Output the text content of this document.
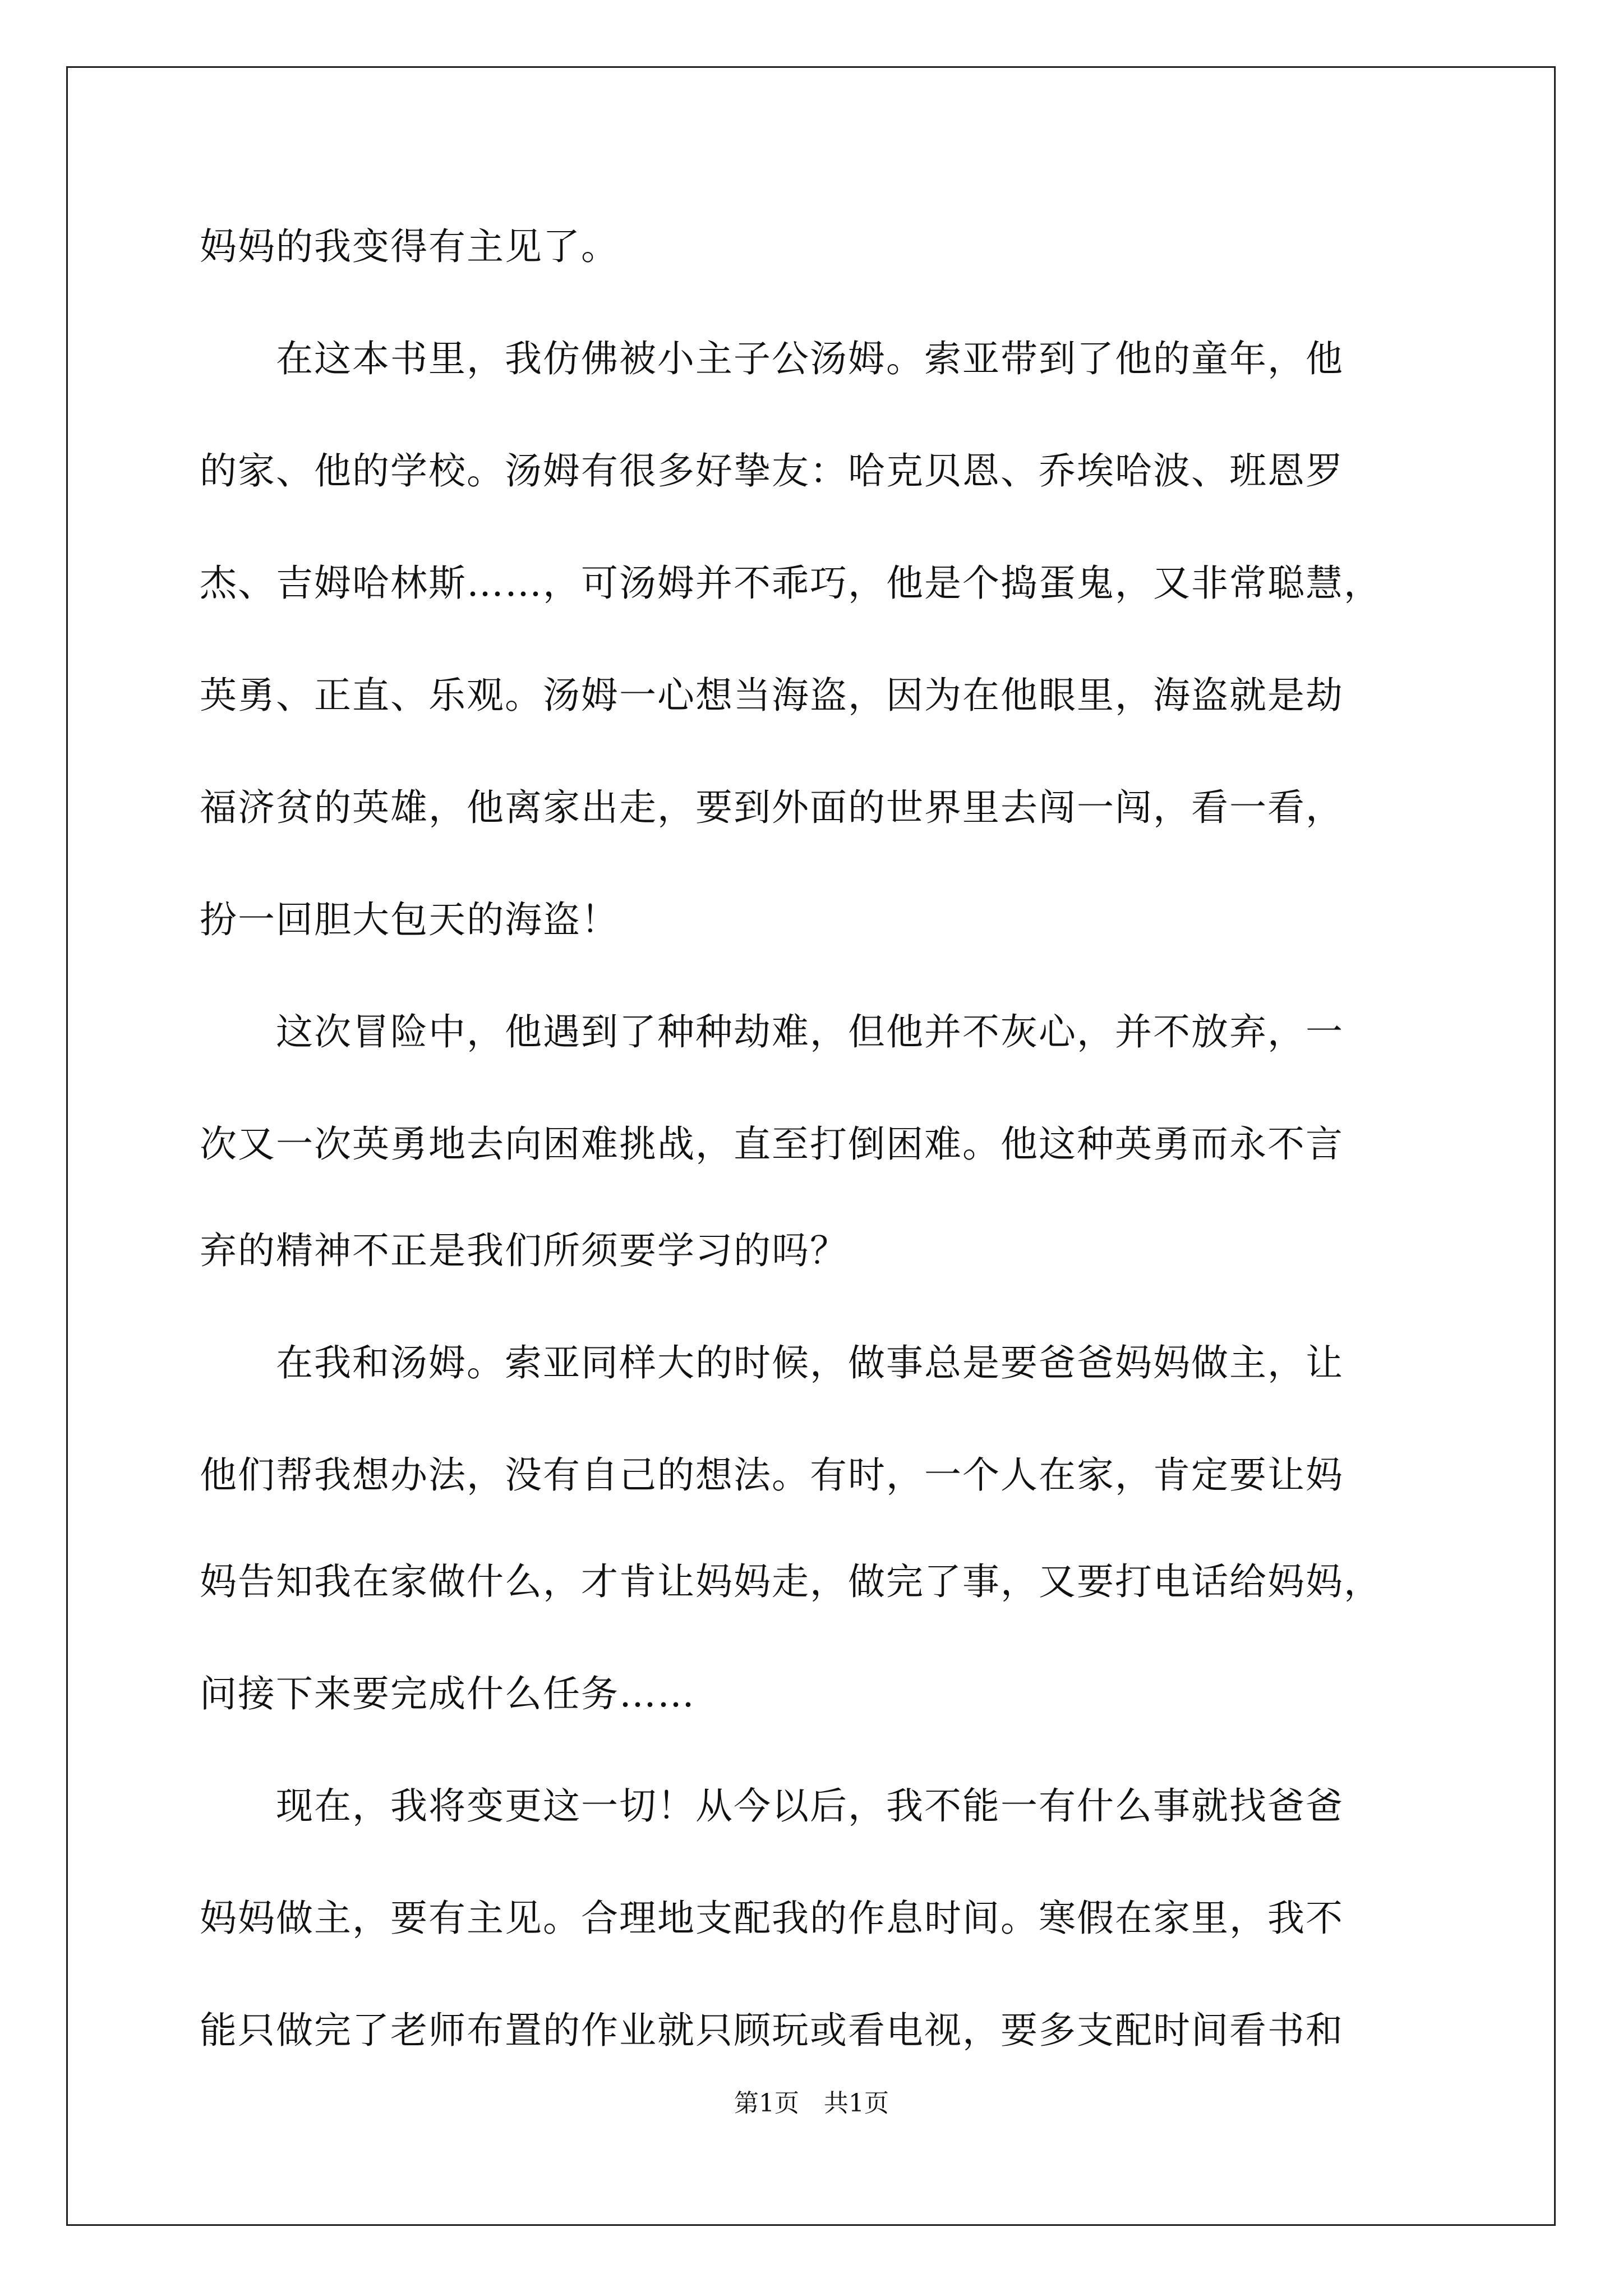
妈妈的我变得有主见了。
　　在这本书里，我仿佛被小主子公汤姆。索亚带到了他的童年，他
的家、他的学校。汤姆有很多好挚友：哈克贝恩、乔埃哈波、班恩罗
杰、吉姆哈林斯……，可汤姆并不乖巧，他是个捣蛋鬼，又非常聪慧，
英勇、正直、乐观。汤姆一心想当海盗，因为在他眼里，海盗就是劫
福济贫的英雄，他离家出走，要到外面的世界里去闯一闯，看一看，
扮一回胆大包天的海盗！
　　这次冒险中，他遇到了种种劫难，但他并不灰心，并不放弃，一
次又一次英勇地去向困难挑战，直至打倒困难。他这种英勇而永不言
弃的精神不正是我们所须要学习的吗？
　　在我和汤姆。索亚同样大的时候，做事总是要爸爸妈妈做主，让
他们帮我想办法，没有自己的想法。有时，一个人在家，肯定要让妈
妈告知我在家做什么，才肯让妈妈走，做完了事，又要打电话给妈妈，
问接下来要完成什么任务……
　　现在，我将变更这一切！从今以后，我不能一有什么事就找爸爸
妈妈做主，要有主见。合理地支配我的作息时间。寒假在家里，我不
能只做完了老师布置的作业就只顾玩或看电视，要多支配时间看书和
第1页　共1页
